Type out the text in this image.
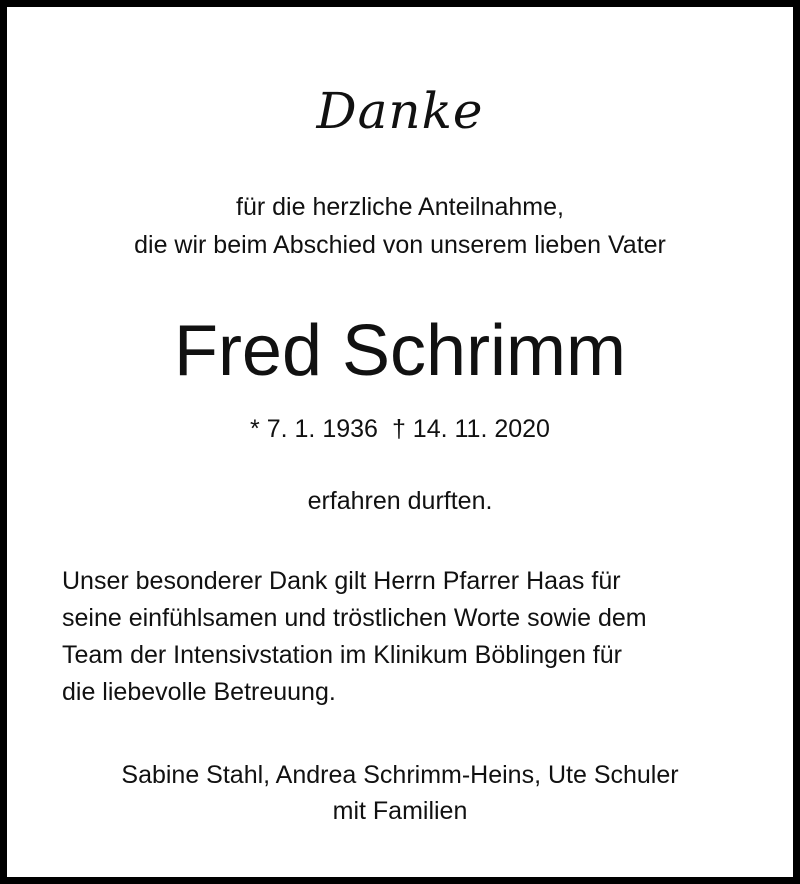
Danke

für die herzliche Anteilnahme,

die wir beim Abschied von unserem lieben Vater

Fred Schrimm

* 7. 1. 1936 † 14. 11. 2020

erfahren durften.

Unser besonderer Dank gilt Herrn Pfarrer Haas für
seine einfühlsamen und tröstlichen Worte sowie dem
Team der Intensivstation im Klinikum Böblingen für
die liebevolle Betreuung.

Sabine Stahl, Andrea Schrimm-Heins, Ute Schuler

mit Familien
